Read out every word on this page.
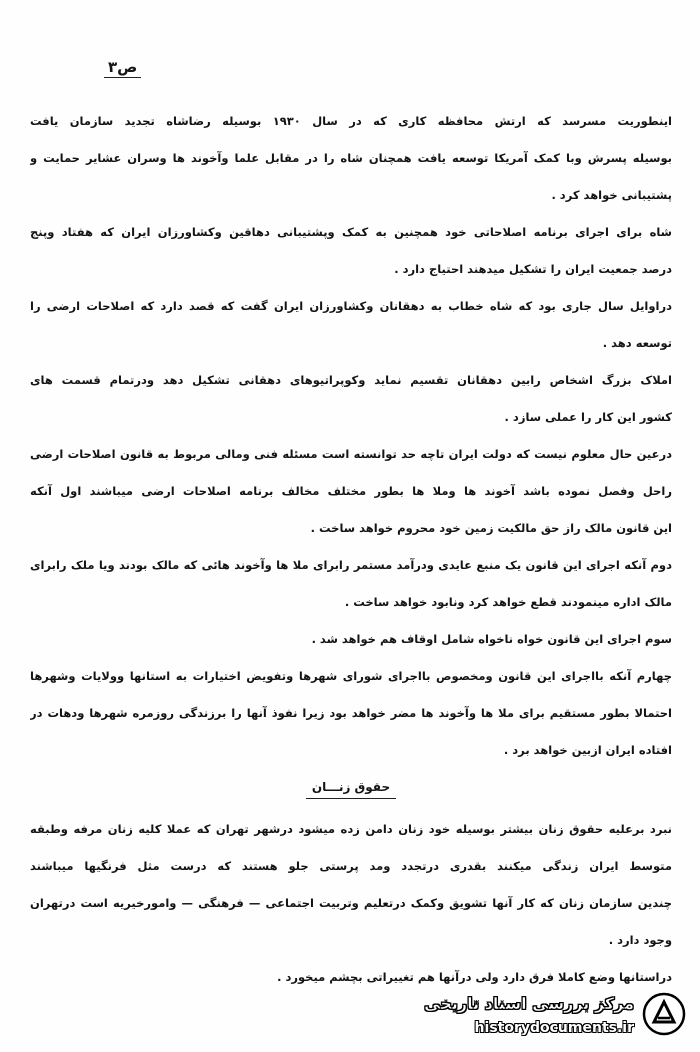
ص۳
اینطوریت مسرسد که ارتش محافظه کاری که در سال ۱۹۳۰ بوسیله رضاشاه تجدید سازمان یافت
بوسیله پسرش وبا کمک آمریکا توسعه یافت همچنان شاه را در مقابل علما وآخوند ها وسران عشایر حمایت و
پشتیبانی خواهد کرد .
شاه برای اجرای برنامه اصلاحاتی خود همچنین به کمک وپشتیبانی دهاقین وکشاورزان ایران که هفتاد وپنج
درصد جمعیت ایران را تشکیل میدهند احتیاج دارد .
دراوایل سال جاری بود که شاه خطاب به دهقانان وکشاورزان ایران گفت که قصد دارد که اصلاحات ارضی را
توسعه دهد .
املاک بزرگ اشخاص رابین دهقانان تقسیم نماید وکوپراتیوهای دهقانی تشکیل دهد ودرتمام قسمت های
کشور این کار را عملی سازد .
درعین حال معلوم نیست که دولت ایران تاچه حد توانسته است مسئله فنی ومالی مربوط به قانون اصلاحات ارضی
راحل وفصل نموده باشد آخوند ها وملا ها بطور مختلف مخالف برنامه اصلاحات ارضی میباشند اول آنکه
این قانون مالک راز حق مالکیت زمین خود محروم خواهد ساخت .
دوم آنکه اجرای این قانون یک منبع عایدی ودرآمد مستمر رابرای ملا ها وآخوند هائی که مالک بودند ویا ملک رابرای
مالک اداره مینمودند قطع خواهد کرد ونابود خواهد ساخت .
سوم اجرای این قانون خواه ناخواه شامل اوقاف هم خواهد شد .
چهارم آنکه بااجرای این قانون ومخصوص بااجرای شورای شهرها وتفویض اختیارات به استانها وولایات وشهرها
احتمالا بطور مستقیم برای ملا ها وآخوند ها مضر خواهد بود زیرا نفوذ آنها را برزندگی روزمره شهرها ودهات در
افتاده ایران ازبین خواهد برد .
حقوق زنـــان
نبرد برعلیه حقوق زنان بیشتر بوسیله خود زنان دامن زده میشود درشهر تهران که عملا کلیه زنان مرفه وطبقه
متوسط ایران زندگی میکنند بقدری درتجدد ومد پرستی جلو هستند که درست مثل فرنگیها میباشند
چندین سازمان زنان که کار آنها تشویق وکمک درتعلیم وتربیت اجتماعی — فرهنگی — وامورخیریه است درتهران
وجود دارد .
دراستانها وضع کاملا فرق دارد ولی درآنها هم تغییراتی بچشم میخورد .
مرکز بررسی اسناد تاریخی
historydocuments.ir
